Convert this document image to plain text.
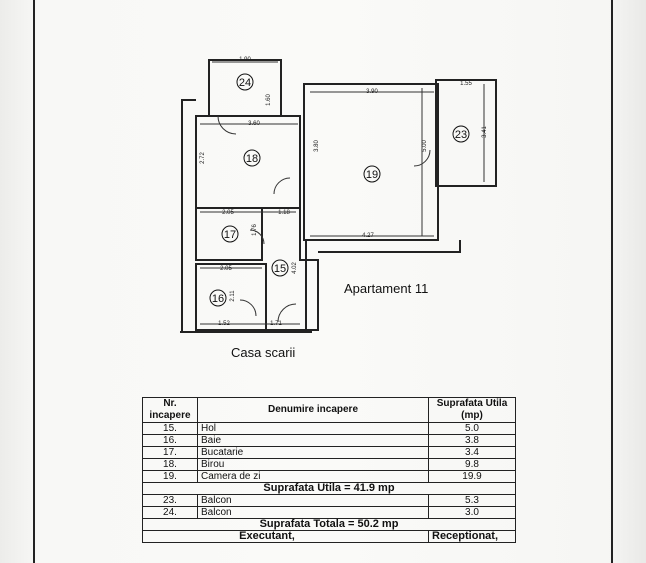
24
18
19
23
17
15
16
1.90
1.60
3.60
2.72
3.80
3.90
1.55
5.00
3.41
2.05	1.18
1.76
4.27
4.02
2.05
2.11
1.52	1.71
Apartament 11
Casa scarii
Nr. incapere	Denumire incapere	Suprafata Utila (mp)
15.	Hol	5.0
16.	Baie	3.8
17.	Bucatarie	3.4
18.	Birou	9.8
19.	Camera de zi	19.9
Suprafata Utila = 41.9 mp		
23.	Balcon	5.3
24.	Balcon	3.0
Suprafata Totala = 50.2 mp		
Executant,		Receptionat,
